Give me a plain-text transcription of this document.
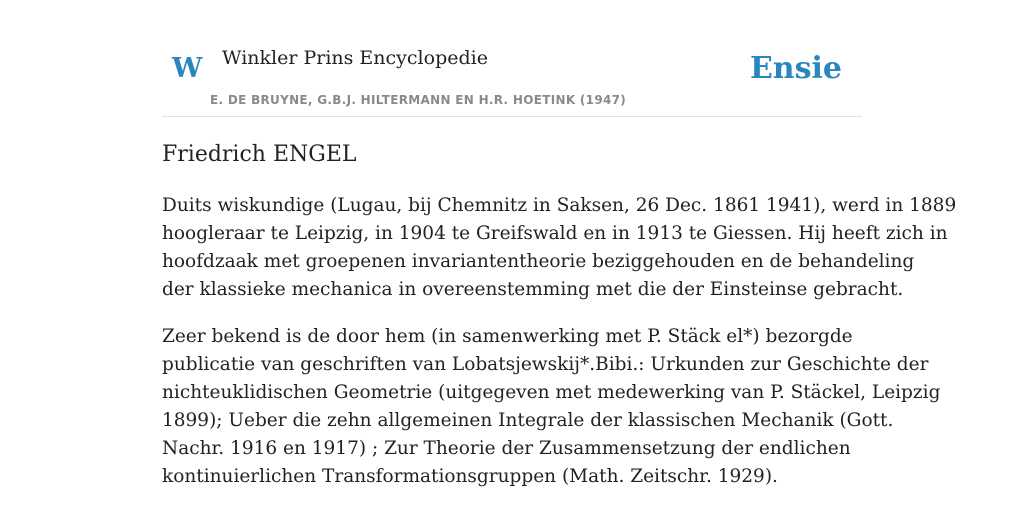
W Winkler Prins Encyclopedie
E. DE BRUYNE, G.B.J. HILTERMANN EN H.R. HOETINK (1947)
Ensie
Friedrich ENGEL

Duits wiskundige (Lugau, bij Chemnitz in Saksen, 26 Dec. 1861 1941), werd in 1889
hoogleraar te Leipzig, in 1904 te Greifswald en in 1913 te Giessen. Hij heeft zich in
hoofdzaak met groepenen invariantentheorie beziggehouden en de behandeling
der klassieke mechanica in overeenstemming met die der Einsteinse gebracht.

Zeer bekend is de door hem (in samenwerking met P. Stäck el*) bezorgde
publicatie van geschriften van Lobatsjewskij*.Bibi.: Urkunden zur Geschichte der
nichteuklidischen Geometrie (uitgegeven met medewerking van P. Stäckel, Leipzig
1899); Ueber die zehn allgemeinen Integrale der klassischen Mechanik (Gott.
Nachr. 1916 en 1917) ; Zur Theorie der Zusammensetzung der endlichen
kontinuierlichen Transformationsgruppen (Math. Zeitschr. 1929).
